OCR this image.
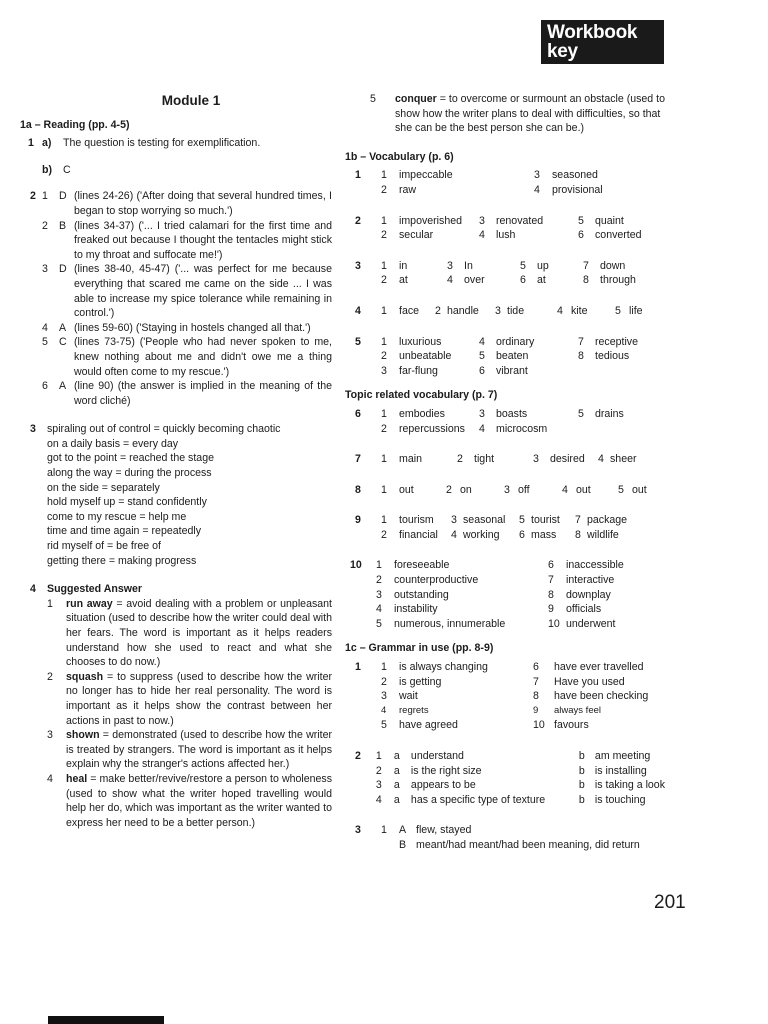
Workbook
key
Module 1
1a – Reading (pp. 4-5)
1 a)	The question is testing for exemplification.
b)	C
2 1	D (lines 24-26) ('After doing that several hundred times, I began to stop worrying so much.')
2	B (lines 34-37) ('... I tried calamari for the first time and freaked out because I thought the tentacles might stick to my throat and suffocate me!')
3	D (lines 38-40, 45-47) ('... was perfect for me because everything that scared me came on the side ... I was able to increase my spice tolerance while remaining in control.')
4	A (lines 59-60) ('Staying in hostels changed all that.')
5	C (lines 73-75) ('People who had never spoken to me, knew nothing about me and didn't owe me a thing would often come to my rescue.')
6	A (line 90) (the answer is implied in the meaning of the word cliché)
3	spiraling out of control = quickly becoming chaotic
on a daily basis = every day
got to the point = reached the stage
along the way = during the process
on the side = separately
hold myself up = stand confidently
come to my rescue = help me
time and time again = repeatedly
rid myself of = be free of
getting there = making progress
4	Suggested Answer
1	run away = avoid dealing with a problem or unpleasant situation (used to describe how the writer could deal with her fears. The word is important as it helps readers understand how she used to react and what she chooses to do now.)
2	squash = to suppress (used to describe how the writer no longer has to hide her real personality. The word is important as it helps show the contrast between her actions in past to now.)
3	shown = demonstrated (used to describe how the writer is treated by strangers. The word is important as it helps explain why the stranger's actions affected her.)
4	heal = make better/revive/restore a person to wholeness (used to show what the writer hoped travelling would help her do, which was important as the writer wanted to express her need to be a better person.)
5	conquer = to overcome or surmount an obstacle (used to show how the writer plans to deal with difficulties, so that she can be the best person she can be.)
1b – Vocabulary (p. 6)
1	1	impeccable	3	seasoned
2	raw	4	provisional
2	1	impoverished	3	renovated	5	quaint
2	secular	4	lush	6	converted
3	1	in	3	In	5	up	7	down
2	at	4	over	6	at	8	through
4	1	face	2 handle	3 tide	4 kite	5 life
5	1	luxurious	4	ordinary	7	receptive
2	unbeatable	5	beaten	8	tedious
3	far-flung	6	vibrant
Topic related vocabulary (p. 7)
6	1	embodies	3	boasts	5	drains
2	repercussions	4	microcosm
7	1	main	2	tight	3	desired	4 sheer
8	1	out	2 on	3 off	4 out	5 out
9	1	tourism	3 seasonal	5 tourist	7 package
2	financial	4 working	6 mass	8 wildlife
10	1	foreseeable	6	inaccessible
2	counterproductive	7	interactive
3	outstanding	8	downplay
4	instability	9	officials
5	numerous, innumerable	10 underwent
1c – Grammar in use (pp. 8-9)
1	1	is always changing	6	have ever travelled
2	is getting	7	Have you used
3	wait	8	have been checking
4	regrets	9	always feel
5	have agreed	10 favours
2	1	a	understand	b am meeting
2	a	is the right size	b is installing
3	a	appears to be	b is taking a look
4	a	has a specific type of texture	b is touching
3	1	A flew, stayed
B meant/had meant/had been meaning, did return
201
